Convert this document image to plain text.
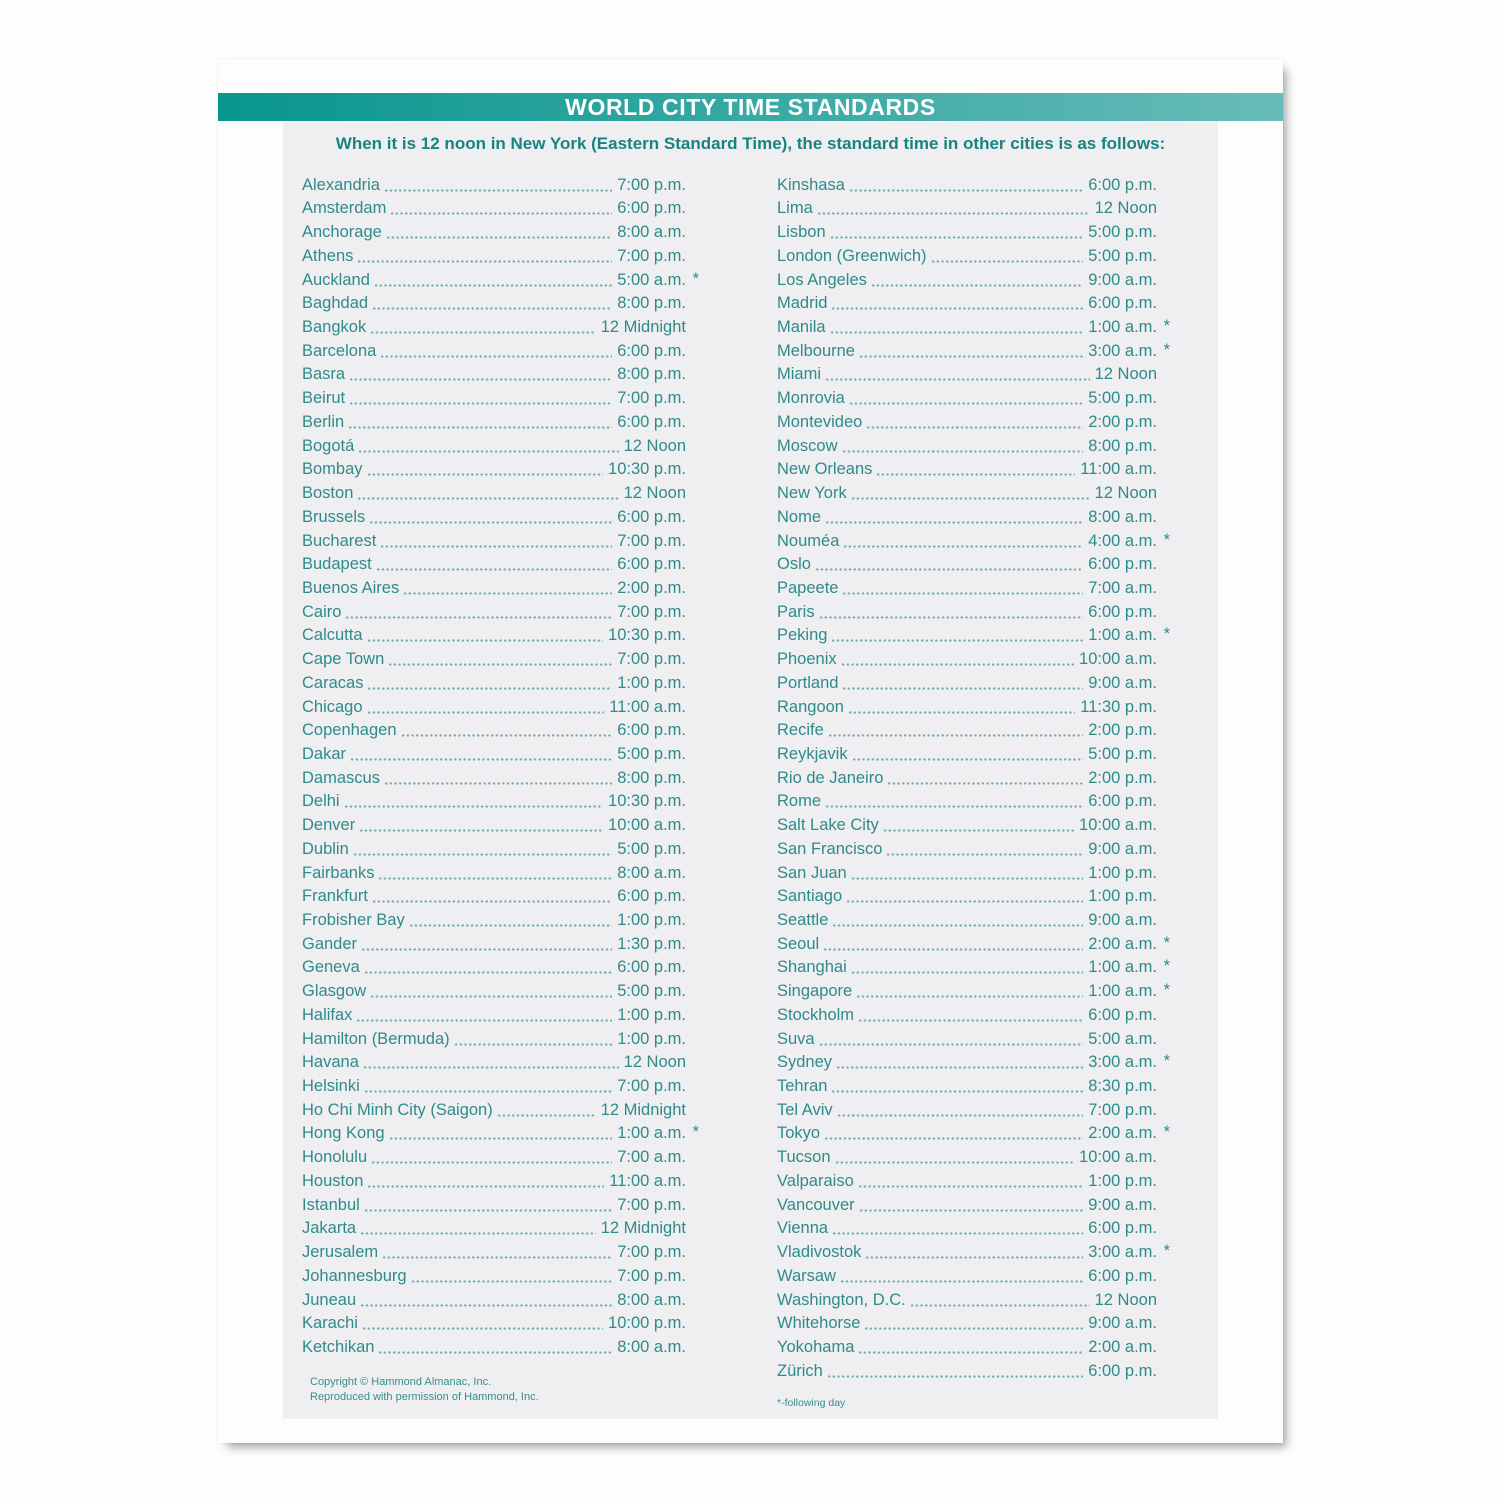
WORLD CITY TIME STANDARDS
When it is 12 noon in New York (Eastern Standard Time), the standard time in other cities is as follows:
Alexandria	7:00 p.m.
Amsterdam	6:00 p.m.
Anchorage	8:00 a.m.
Athens	7:00 p.m.
Auckland	5:00 a.m. *
Baghdad	8:00 p.m.
Bangkok	12 Midnight
Barcelona	6:00 p.m.
Basra	8:00 p.m.
Beirut	7:00 p.m.
Berlin	6:00 p.m.
Bogotá	12 Noon
Bombay	10:30 p.m.
Boston	12 Noon
Brussels	6:00 p.m.
Bucharest	7:00 p.m.
Budapest	6:00 p.m.
Buenos Aires	2:00 p.m.
Cairo	7:00 p.m.
Calcutta	10:30 p.m.
Cape Town	7:00 p.m.
Caracas	1:00 p.m.
Chicago	11:00 a.m.
Copenhagen	6:00 p.m.
Dakar	5:00 p.m.
Damascus	8:00 p.m.
Delhi	10:30 p.m.
Denver	10:00 a.m.
Dublin	5:00 p.m.
Fairbanks	8:00 a.m.
Frankfurt	6:00 p.m.
Frobisher Bay	1:00 p.m.
Gander	1:30 p.m.
Geneva	6:00 p.m.
Glasgow	5:00 p.m.
Halifax	1:00 p.m.
Hamilton (Bermuda)	1:00 p.m.
Havana	12 Noon
Helsinki	7:00 p.m.
Ho Chi Minh City (Saigon)	12 Midnight
Hong Kong	1:00 a.m. *
Honolulu	7:00 a.m.
Houston	11:00 a.m.
Istanbul	7:00 p.m.
Jakarta	12 Midnight
Jerusalem	7:00 p.m.
Johannesburg	7:00 p.m.
Juneau	8:00 a.m.
Karachi	10:00 p.m.
Ketchikan	8:00 a.m.
Copyright © Hammond Almanac, Inc.
Reproduced with permission of Hammond, Inc.
Kinshasa	6:00 p.m.
Lima	12 Noon
Lisbon	5:00 p.m.
London (Greenwich)	5:00 p.m.
Los Angeles	9:00 a.m.
Madrid	6:00 p.m.
Manila	1:00 a.m. *
Melbourne	3:00 a.m. *
Miami	12 Noon
Monrovia	5:00 p.m.
Montevideo	2:00 p.m.
Moscow	8:00 p.m.
New Orleans	11:00 a.m.
New York	12 Noon
Nome	8:00 a.m.
Nouméa	4:00 a.m. *
Oslo	6:00 p.m.
Papeete	7:00 a.m.
Paris	6:00 p.m.
Peking	1:00 a.m. *
Phoenix	10:00 a.m.
Portland	9:00 a.m.
Rangoon	11:30 p.m.
Recife	2:00 p.m.
Reykjavik	5:00 p.m.
Rio de Janeiro	2:00 p.m.
Rome	6:00 p.m.
Salt Lake City	10:00 a.m.
San Francisco	9:00 a.m.
San Juan	1:00 p.m.
Santiago	1:00 p.m.
Seattle	9:00 a.m.
Seoul	2:00 a.m. *
Shanghai	1:00 a.m. *
Singapore	1:00 a.m. *
Stockholm	6:00 p.m.
Suva	5:00 a.m.
Sydney	3:00 a.m. *
Tehran	8:30 p.m.
Tel Aviv	7:00 p.m.
Tokyo	2:00 a.m. *
Tucson	10:00 a.m.
Valparaiso	1:00 p.m.
Vancouver	9:00 a.m.
Vienna	6:00 p.m.
Vladivostok	3:00 a.m. *
Warsaw	6:00 p.m.
Washington, D.C.	12 Noon
Whitehorse	9:00 a.m.
Yokohama	2:00 a.m.
Zürich	6:00 p.m.
*-following day
